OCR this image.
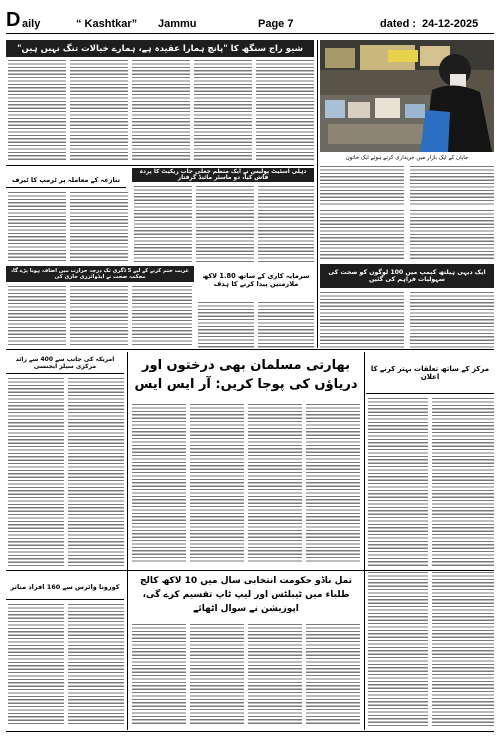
D aily	“ Kashtkar” Jammu	Page 7	dated : 24-12-2025
شیو راج سنگھ کا "پانچ ہمارا عقیدہ ہے، ہمارے خیالات تنگ نہیں ہیں"
جاپان کے ایک بازار میں خریداری کرتے ہوئے ایک خاتون
تنازعہ کے معاملہ پر ٹرمپ کا ٹیرف
دہلی اسٹیٹ پولیس نے ایک منظم جعلی جاب ریکیٹ کا پردہ فاش کیا، دو ماسٹر مائنڈ گرفتار
غربت ختم کرنے کے لیے 5 ڈگری تک درجہ حرارت میں اضافہ ہونا پڑے گا، محکمہ صحت نے ایڈوائزری جاری کی	سرمایہ کاری کے ساتھ 1.80 لاکھ ملازمتیں پیدا کرنے کا ہدف
ایک دیہی ہیلتھ کیمپ میں 100 لوگوں کو صحت کی سہولیات فراہم کی گئیں
امریکہ کی جانب سے 400 سے زائد مرکزی سیلز ایجنسی	بھارتی مسلمان بھی درختوں اور دریاؤں کی پوجا کریں: آر ایس ایس
مرکز کے ساتھ تعلقات بہتر کرنے کا اعلان
کورونا وائرس سے 160 افراد متاثر
تمل ناڈو حکومت انتخابی سال میں 10 لاکھ کالج طلباء میں ٹیبلٹس اور لیپ ٹاپ تقسیم کرے گی، اپوزیشن نے سوال اٹھائے
